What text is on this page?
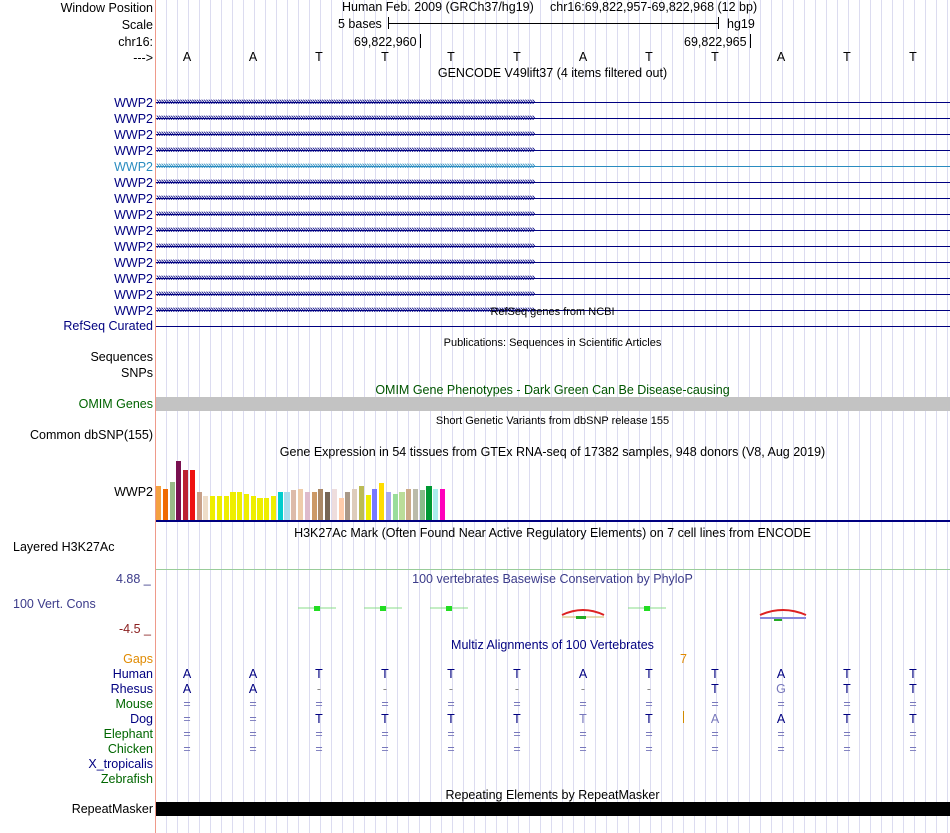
Window Position
Scale
chr16:
--->
Human Feb. 2009 (GRCh37/hg19) chr16:69,822,957-69,822,968 (12 bp)
5 bases	hg19
69,822,960	69,822,965
A	A	T	T	T	T	A	T	T	A	T	T
GENCODE V49lift37 (4 items filtered out)
WWP2 ››››››››››››››››››››››››››››››››››››››››››››››››››››››››››››››››››››››››››››››››››››››››››››››››››››››››››››››››››››››››››››››››››››››››››››››››››››››››››››››››
WWP2 ››››››››››››››››››››››››››››››››››››››››››››››››››››››››››››››››››››››››››››››››››››››››››››››››››››››››››››››››››››››››››››››››››››››››››››››››››››››››››››››››
WWP2 ››››››››››››››››››››››››››››››››››››››››››››››››››››››››››››››››››››››››››››››››››››››››››››››››››››››››››››››››››››››››››››››››››››››››››››››››››››››››››››››››
WWP2 ››››››››››››››››››››››››››››››››››››››››››››››››››››››››››››››››››››››››››››››››››››››››››››››››››››››››››››››››››››››››››››››››››››››››››››››››››››››››››››››››
WWP2 ››››››››››››››››››››››››››››››››››››››››››››››››››››››››››››››››››››››››››››››››››››››››››››››››››››››››››››››››››››››››››››››››››››››››››››››››››››››››››››››››
WWP2 ››››››››››››››››››››››››››››››››››››››››››››››››››››››››››››››››››››››››››››››››››››››››››››››››››››››››››››››››››››››››››››››››››››››››››››››››››››››››››››››››
WWP2 ››››››››››››››››››››››››››››››››››››››››››››››››››››››››››››››››››››››››››››››››››››››››››››››››››››››››››››››››››››››››››››››››››››››››››››››››››››››››››››››››
WWP2 ››››››››››››››››››››››››››››››››››››››››››››››››››››››››››››››››››››››››››››››››››››››››››››››››››››››››››››››››››››››››››››››››››››››››››››››››››››››››››››››››
WWP2 ››››››››››››››››››››››››››››››››››››››››››››››››››››››››››››››››››››››››››››››››››››››››››››››››››››››››››››››››››››››››››››››››››››››››››››››››››››››››››››››››
WWP2 ››››››››››››››››››››››››››››››››››››››››››››››››››››››››››››››››››››››››››››››››››››››››››››››››››››››››››››››››››››››››››››››››››››››››››››››››››››››››››››››››
WWP2 ››››››››››››››››››››››››››››››››››››››››››››››››››››››››››››››››››››››››››››››››››››››››››››››››››››››››››››››››››››››››››››››››››››››››››››››››››››››››››››››››
WWP2 ››››››››››››››››››››››››››››››››››››››››››››››››››››››››››››››››››››››››››››››››››››››››››››››››››››››››››››››››››››››››››››››››››››››››››››››››››››››››››››››››
WWP2 ››››››››››››››››››››››››››››››››››››››››››››››››››››››››››››››››››››››››››››››››››››››››››››››››››››››››››››››››››››››››››››››››››››››››››››››››››››››››››››››››
WWP2 ››››››››››››››››››››››››››››››››››››››››››››››››››››››››››››››››››››››››››››››››››››››››››››››››››››››››››››››››››››››››››››››››››››››››››››››››››››››››››››››››
RefSeq Curated
RefSeq genes from NCBI
Publications: Sequences in Scientific Articles
Sequences
SNPs
OMIM Gene Phenotypes - Dark Green Can Be Disease-causing
OMIM Genes
Short Genetic Variants from dbSNP release 155
Common dbSNP(155)
Gene Expression in 54 tissues from GTEx RNA-seq of 17382 samples, 948 donors (V8, Aug 2019)
WWP2
H3K27Ac Mark (Often Found Near Active Regulatory Elements) on 7 cell lines from ENCODE
Layered H3K27Ac
100 vertebrates Basewise Conservation by PhyloP
4.88 _
100 Vert. Cons
-4.5 _
Multiz Alignments of 100 Vertebrates
Gaps	7
Human	A	A	T	T	T	T	A	T	T	A	T	T
Rhesus	A	A	-	-	-	-	-	-	T	G	T	T
Mouse	=	=	=	=	=	=	=	=	=	=	=	=
Dog	=	=	T	T	T	T	T	T	A	A	T	T
Elephant	=	=	=	=	=	=	=	=	=	=	=	=
Chicken	=	=	=	=	=	=	=	=	=	=	=	=
X_tropicalis
Zebrafish
Repeating Elements by RepeatMasker
RepeatMasker
